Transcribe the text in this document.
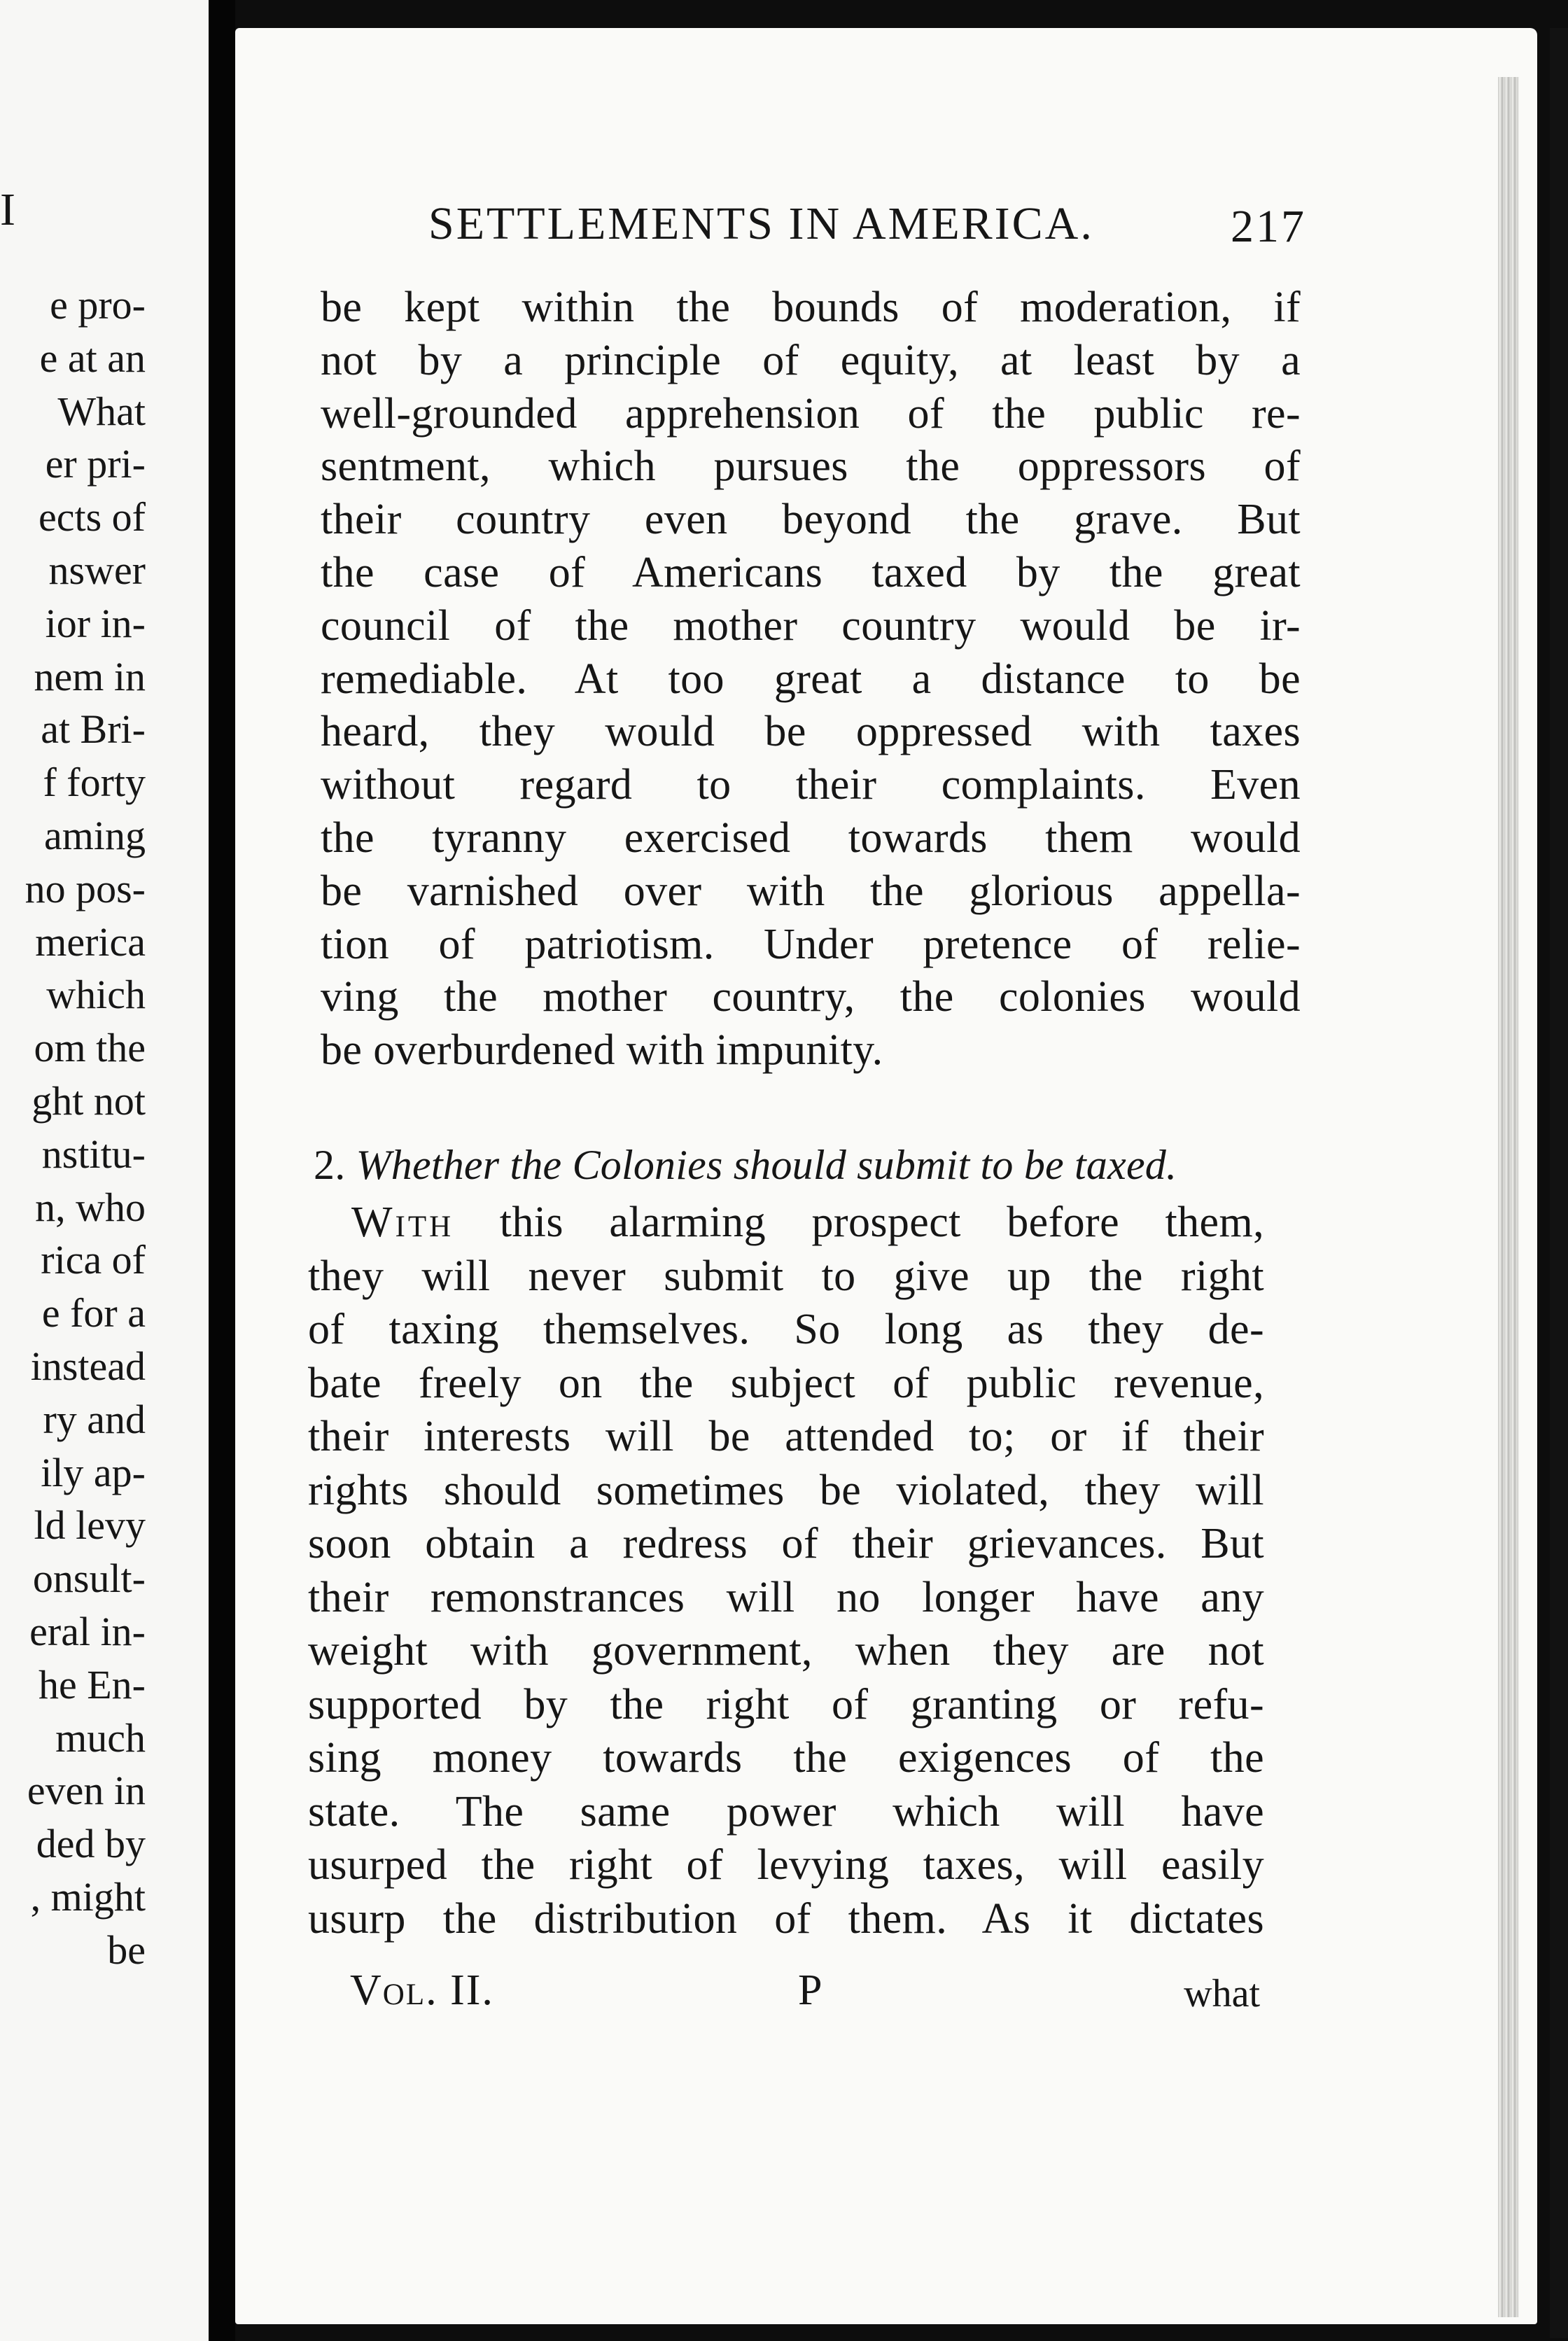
I
e pro-
e at an
What
er pri-
ects of
nswer
ior in-
nem in
at Bri-
f forty
aming
no pos-
merica
which
om the
ght not
nstitu-
n, who
rica of
e for a
instead
ry and
ily ap-
ld levy
onsult-
eral in-
he En-
much
even in
ded by
, might
be
SETTLEMENTS IN AMERICA.	217
be kept within the bounds of moderation, if
not by a principle of equity, at least by a
well-grounded apprehension of the public re-
sentment, which pursues the oppressors of
their country even beyond the grave. But
the case of Americans taxed by the great
council of the mother country would be ir-
remediable. At too great a distance to be
heard, they would be oppressed with taxes
without regard to their complaints. Even
the tyranny exercised towards them would
be varnished over with the glorious appella-
tion of patriotism. Under pretence of relie-
ving the mother country, the colonies would
be overburdened with impunity.
2. Whether the Colonies should submit to be taxed.
With this alarming prospect before them,
they will never submit to give up the right
of taxing themselves. So long as they de-
bate freely on the subject of public revenue,
their interests will be attended to; or if their
rights should sometimes be violated, they will
soon obtain a redress of their grievances. But
their remonstrances will no longer have any
weight with government, when they are not
supported by the right of granting or refu-
sing money towards the exigences of the
state. The same power which will have
usurped the right of levying taxes, will easily
usurp the distribution of them. As it dictates
Vol. II.	P	what
